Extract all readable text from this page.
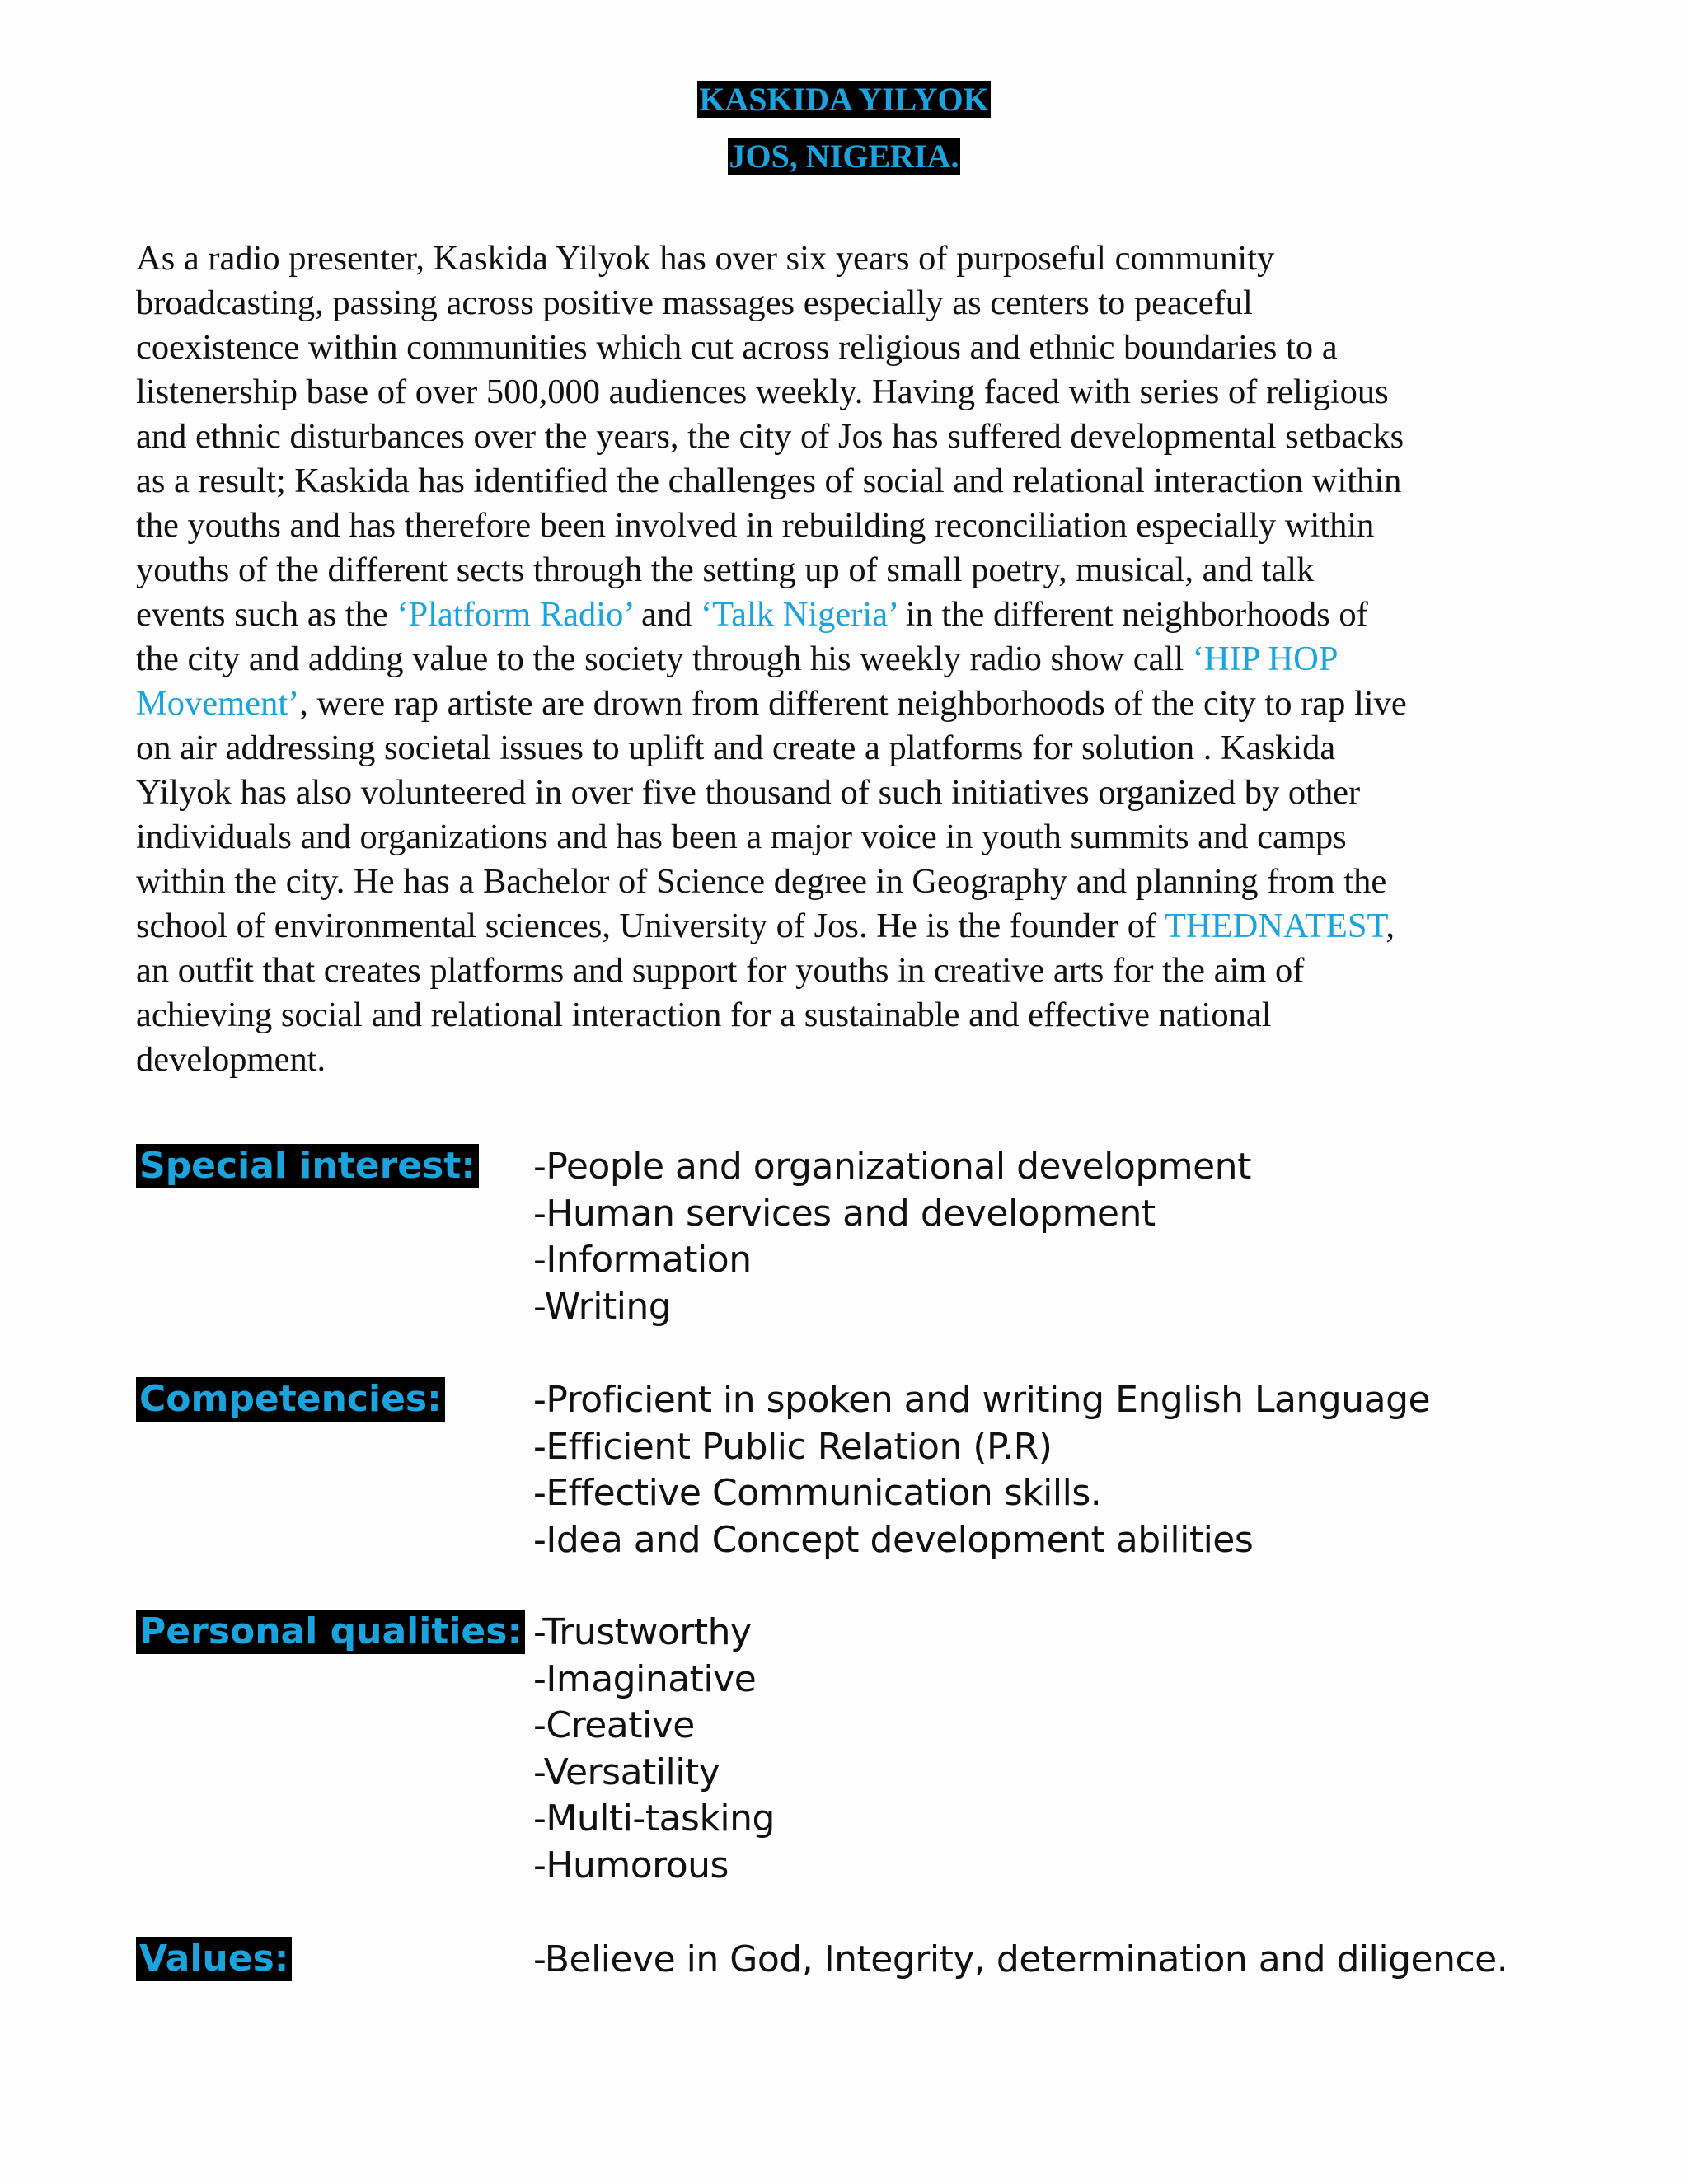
KASKIDA YILYOK
JOS, NIGERIA.

As a radio presenter, Kaskida Yilyok has over six years of purposeful community
broadcasting, passing across positive massages especially as centers to peaceful
coexistence within communities which cut across religious and ethnic boundaries to a
listenership base of over 500,000 audiences weekly. Having faced with series of religious
and ethnic disturbances over the years, the city of Jos has suffered developmental setbacks
as a result; Kaskida has identified the challenges of social and relational interaction within
the youths and has therefore been involved in rebuilding reconciliation especially within
youths of the different sects through the setting up of small poetry, musical, and talk
events such as the ‘Platform Radio’ and ‘Talk Nigeria’ in the different neighborhoods of
the city and adding value to the society through his weekly radio show call ‘HIP HOP
Movement’, were rap artiste are drown from different neighborhoods of the city to rap live
on air addressing societal issues to uplift and create a platforms for solution . Kaskida
Yilyok has also volunteered in over five thousand of such initiatives organized by other
individuals and organizations and has been a major voice in youth summits and camps
within the city. He has a Bachelor of Science degree in Geography and planning from the
school of environmental sciences, University of Jos. He is the founder of THEDNATEST,
an outfit that creates platforms and support for youths in creative arts for the aim of
achieving social and relational interaction for a sustainable and effective national
development.

Special interest: -People and organizational development
-Human services and development
-Information
-Writing
Competencies:	-Proficient in spoken and writing English Language
-Efficient Public Relation (P.R)
-Effective Communication skills.
-Idea and Concept development abilities
Personal qualities: -Trustworthy
-Imaginative
-Creative
-Versatility
-Multi-tasking
-Humorous
Values:	-Believe in God, Integrity, determination and diligence.
